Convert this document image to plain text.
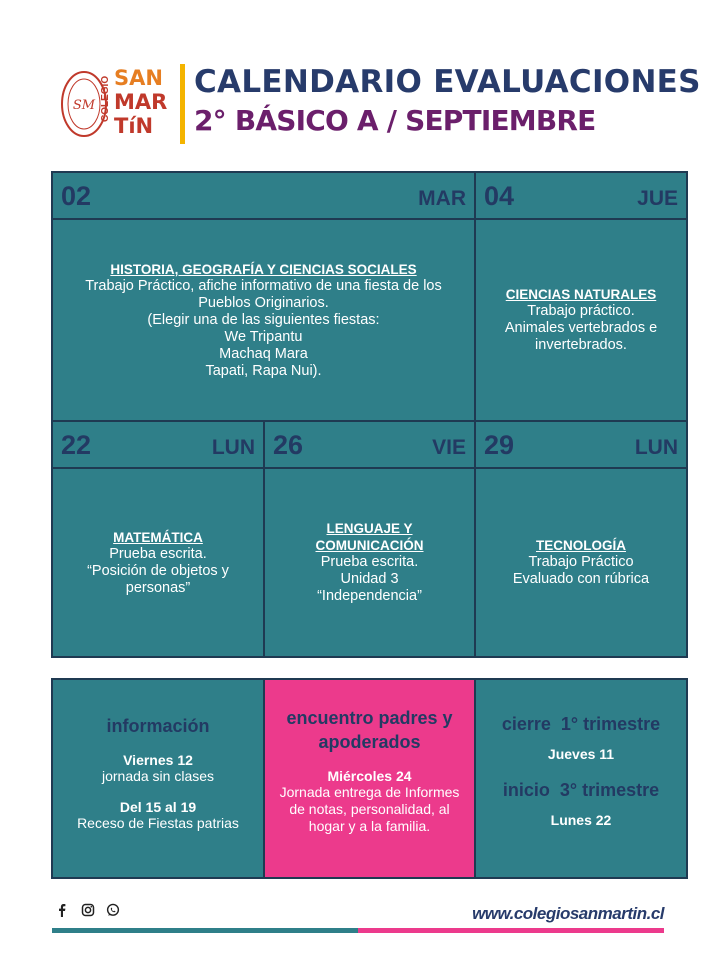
SM
SAN
MAR
TíN
COLEGIO	CALENDARIO EVALUACIONES
2° BÁSICO A / SEPTIEMBRE
02	MAR
HISTORIA, GEOGRAFÍA Y CIENCIAS SOCIALES
Trabajo Práctico, afiche informativo de una fiesta de los Pueblos Originarios.
(Elegir una de las siguientes fiestas:
We Tripantu
Machaq Mara
Tapati, Rapa Nui).
04	JUE
CIENCIAS NATURALES
Trabajo práctico.
Animales vertebrados e invertebrados.
22	LUN
MATEMÁTICA
Prueba escrita.
“Posición de objetos y personas”
26	VIE
LENGUAJE Y COMUNICACIÓN
Prueba escrita.
Unidad 3
“Independencia”
29	LUN
TECNOLOGÍA
Trabajo Práctico
Evaluado con rúbrica
información
Viernes 12
jornada sin clases
Del 15 al 19
Receso de Fiestas patrias
encuentro padres y apoderados
Miércoles 24
Jornada entrega de Informes de notas, personalidad, al hogar y a la familia.
cierre  1° trimestre
Jueves 11
inicio  3° trimestre
Lunes 22
www.colegiosanmartin.cl
